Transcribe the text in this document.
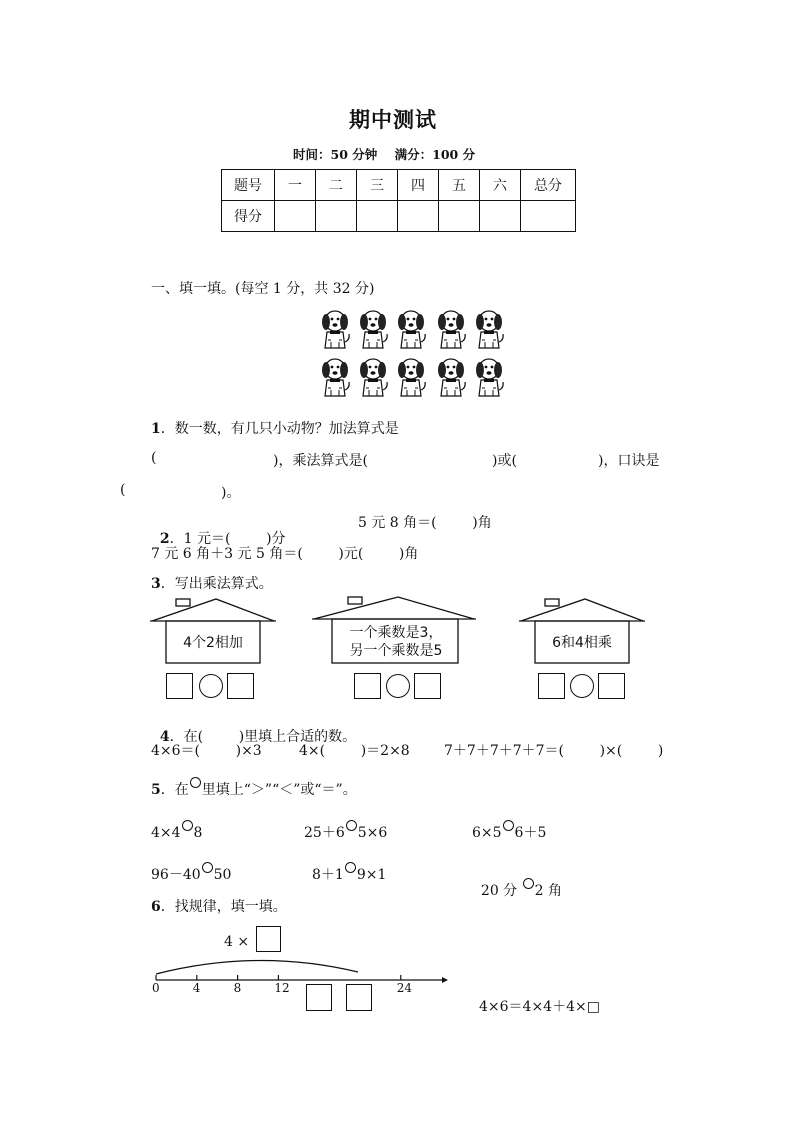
期中测试
时间：50 分钟    满分：100 分
题号	一	二	三	四	五	六	总分
得分							
一、填一填。(每空 1 分，共 32 分)
1．数一数，有几只小动物？加法算式是
(	)，乘法算式是(	)或(	)，口诀是
(	)。

2．1 元＝(        )分

5 元 8 角＝(        )角
7 元 6 角＋3 元 5 角＝(        )元(        )角
3．写出乘法算式。
4个2相加
一个乘数是3，
另一个乘数是5	6和4相乘

4．在(        )里填上合适的数。

4×6＝(        )×3	4×(        )＝2×8 7＋7＋7＋7＋7＝(        )×(        )
5．在 里填上“＞”“＜”或“＝”。
4×4 8	25＋6 5×6	6×5 6＋5
96－40 50	8＋1 9×1

20 分 2 角

6．找规律，填一填。
4 ×
0	4	8	12	24
4×6＝4×4＋4×□
